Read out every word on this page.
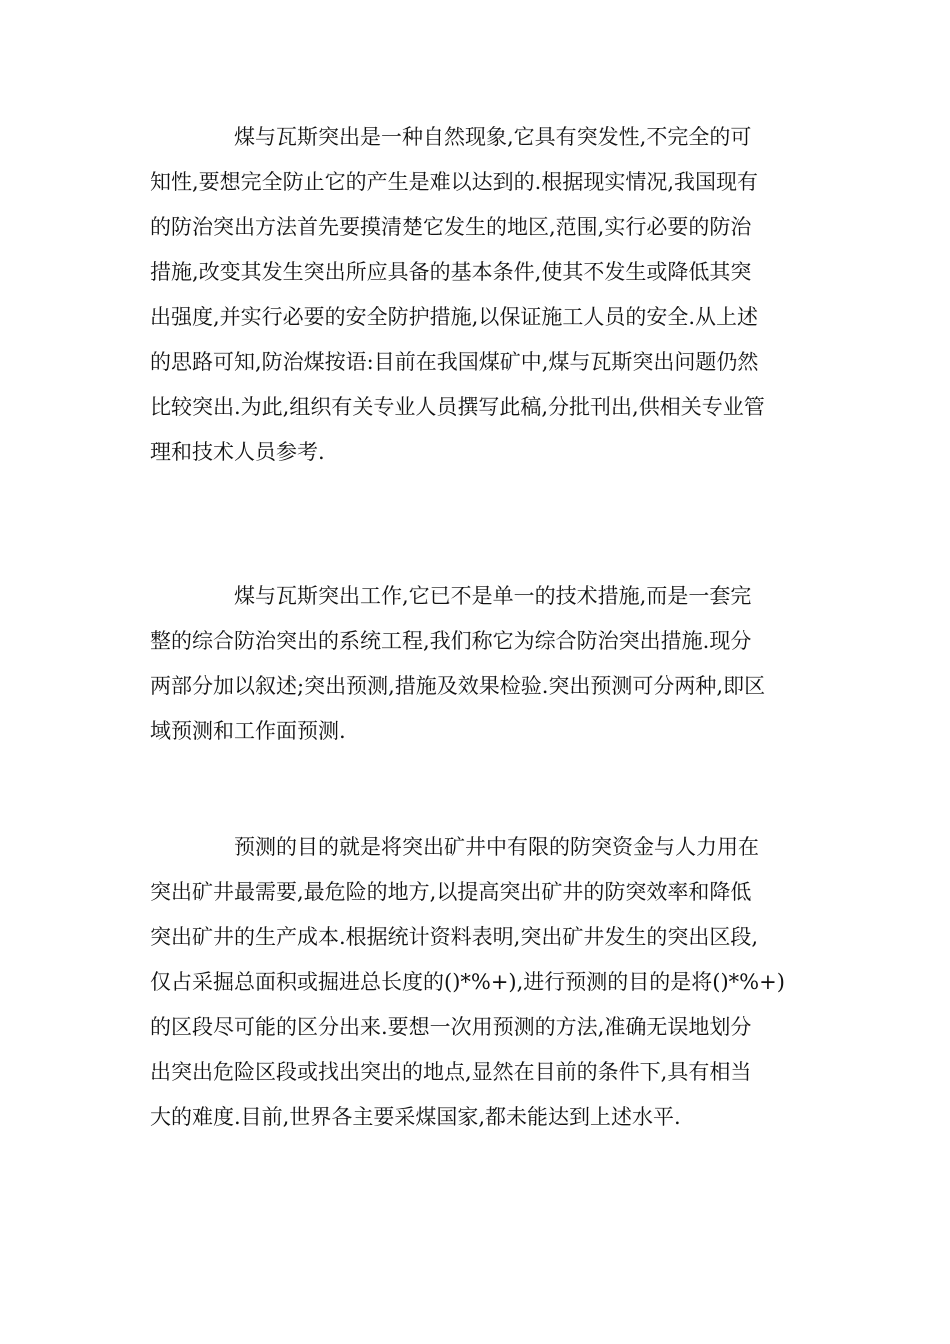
煤与瓦斯突出是一种自然现象,它具有突发性,不完全的可
知性,要想完全防止它的产生是难以达到的.根据现实情况,我国现有
的防治突出方法首先要摸清楚它发生的地区,范围,实行必要的防治
措施,改变其发生突出所应具备的基本条件,使其不发生或降低其突
出强度,并实行必要的安全防护措施,以保证施工人员的安全.从上述
的思路可知,防治煤按语:目前在我国煤矿中,煤与瓦斯突出问题仍然
比较突出.为此,组织有关专业人员撰写此稿,分批刊出,供相关专业管
理和技术人员参考.
煤与瓦斯突出工作,它已不是单一的技术措施,而是一套完
整的综合防治突出的系统工程,我们称它为综合防治突出措施.现分
两部分加以叙述;突出预测,措施及效果检验.突出预测可分两种,即区
域预测和工作面预测.
预测的目的就是将突出矿井中有限的防突资金与人力用在
突出矿井最需要,最危险的地方,以提高突出矿井的防突效率和降低
突出矿井的生产成本.根据统计资料表明,突出矿井发生的突出区段,
仅占采掘总面积或掘进总长度的()*%+),进行预测的目的是将()*%+)
的区段尽可能的区分出来.要想一次用预测的方法,准确无误地划分
出突出危险区段或找出突出的地点,显然在目前的条件下,具有相当
大的难度.目前,世界各主要采煤国家,都未能达到上述水平.
